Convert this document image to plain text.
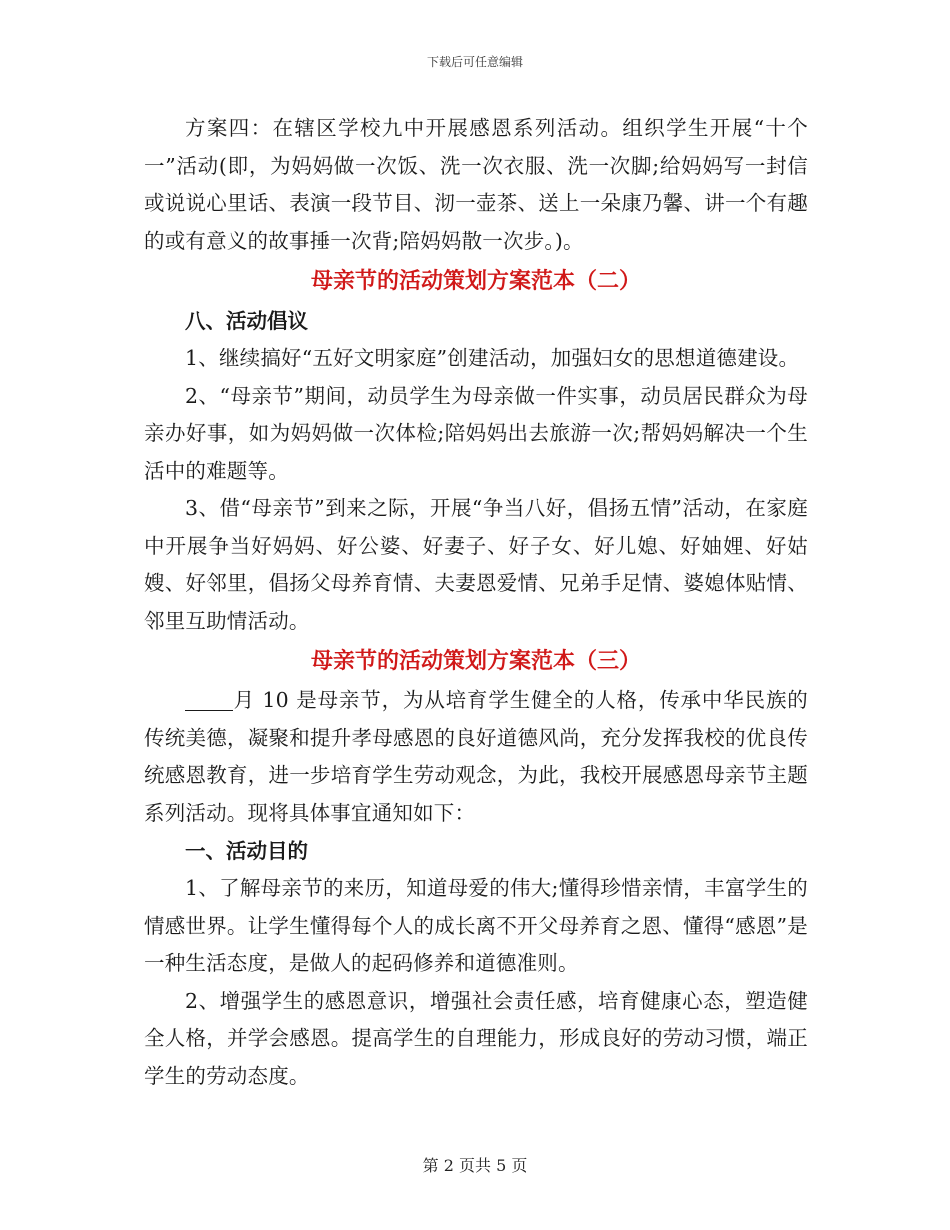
下载后可任意编辑

方案四：在辖区学校九中开展感恩系列活动。组织学生开展“十个一”活动(即，为妈妈做一次饭、洗一次衣服、洗一次脚;给妈妈写一封信或说说心里话、表演一段节目、沏一壶茶、送上一朵康乃馨、讲一个有趣的或有意义的故事捶一次背;陪妈妈散一次步。)。

母亲节的活动策划方案范本（二）
八、活动倡议

1、继续搞好“五好文明家庭”创建活动，加强妇女的思想道德建设。

2、“母亲节”期间，动员学生为母亲做一件实事，动员居民群众为母亲办好事，如为妈妈做一次体检;陪妈妈出去旅游一次;帮妈妈解决一个生活中的难题等。

3、借“母亲节”到来之际，开展“争当八好，倡扬五情”活动，在家庭中开展争当好妈妈、好公婆、好妻子、好子女、好儿媳、好妯娌、好姑嫂、好邻里，倡扬父母养育情、夫妻恩爱情、兄弟手足情、婆媳体贴情、邻里互助情活动。

母亲节的活动策划方案范本（三）

月 10 是母亲节，为从培育学生健全的人格，传承中华民族的传统美德，凝聚和提升孝母感恩的良好道德风尚，充分发挥我校的优良传统感恩教育，进一步培育学生劳动观念，为此，我校开展感恩母亲节主题系列活动。现将具体事宜通知如下：

一、活动目的

1、了解母亲节的来历，知道母爱的伟大;懂得珍惜亲情，丰富学生的情感世界。让学生懂得每个人的成长离不开父母养育之恩、懂得“感恩”是一种生活态度，是做人的起码修养和道德准则。

2、增强学生的感恩意识，增强社会责任感，培育健康心态，塑造健全人格，并学会感恩。提高学生的自理能力，形成良好的劳动习惯，端正学生的劳动态度。

第 2 页共 5 页
